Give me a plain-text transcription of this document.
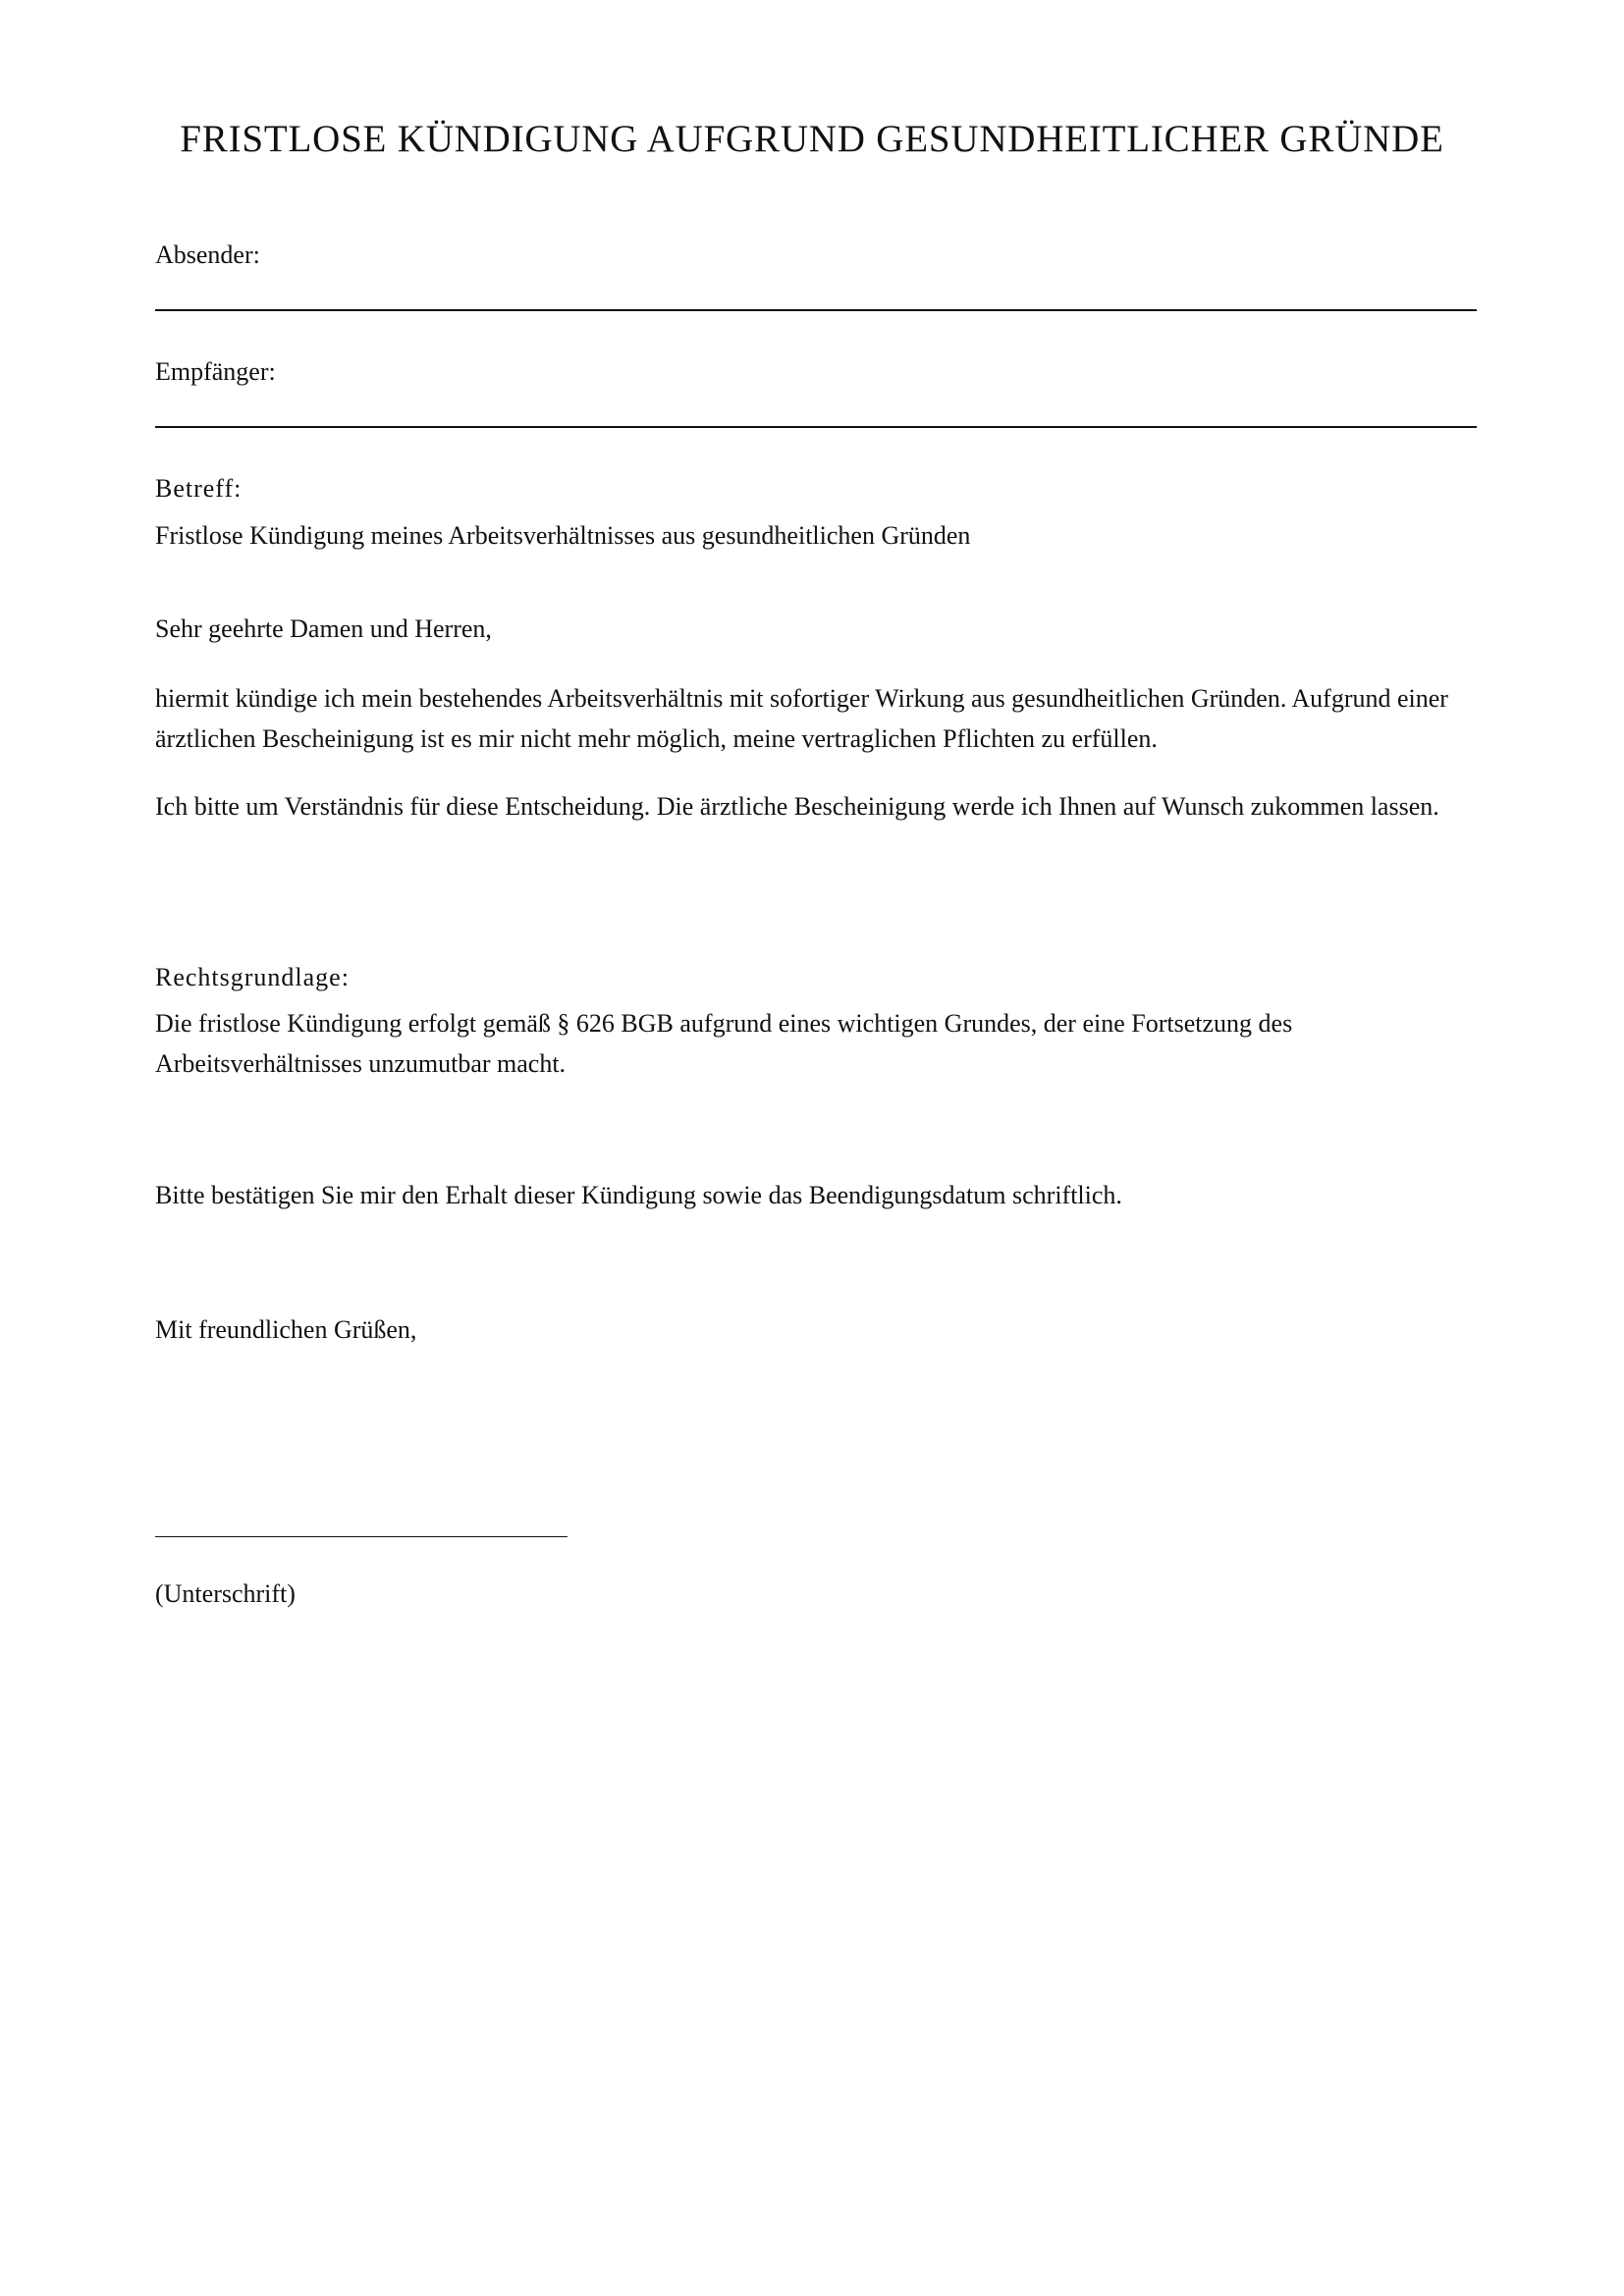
FRISTLOSE KÜNDIGUNG AUFGRUND GESUNDHEITLICHER GRÜNDE
Absender:
Empfänger:
Betreff:
Fristlose Kündigung meines Arbeitsverhältnisses aus gesundheitlichen Gründen
Sehr geehrte Damen und Herren,
hiermit kündige ich mein bestehendes Arbeitsverhältnis mit sofortiger Wirkung aus gesundheitlichen Gründen. Aufgrund einer ärztlichen Bescheinigung ist es mir nicht mehr möglich, meine vertraglichen Pflichten zu erfüllen.
Ich bitte um Verständnis für diese Entscheidung. Die ärztliche Bescheinigung werde ich Ihnen auf Wunsch zukommen lassen.
Rechtsgrundlage:
Die fristlose Kündigung erfolgt gemäß § 626 BGB aufgrund eines wichtigen Grundes, der eine Fortsetzung des Arbeitsverhältnisses unzumutbar macht.
Bitte bestätigen Sie mir den Erhalt dieser Kündigung sowie das Beendigungsdatum schriftlich.
Mit freundlichen Grüßen,
(Unterschrift)
